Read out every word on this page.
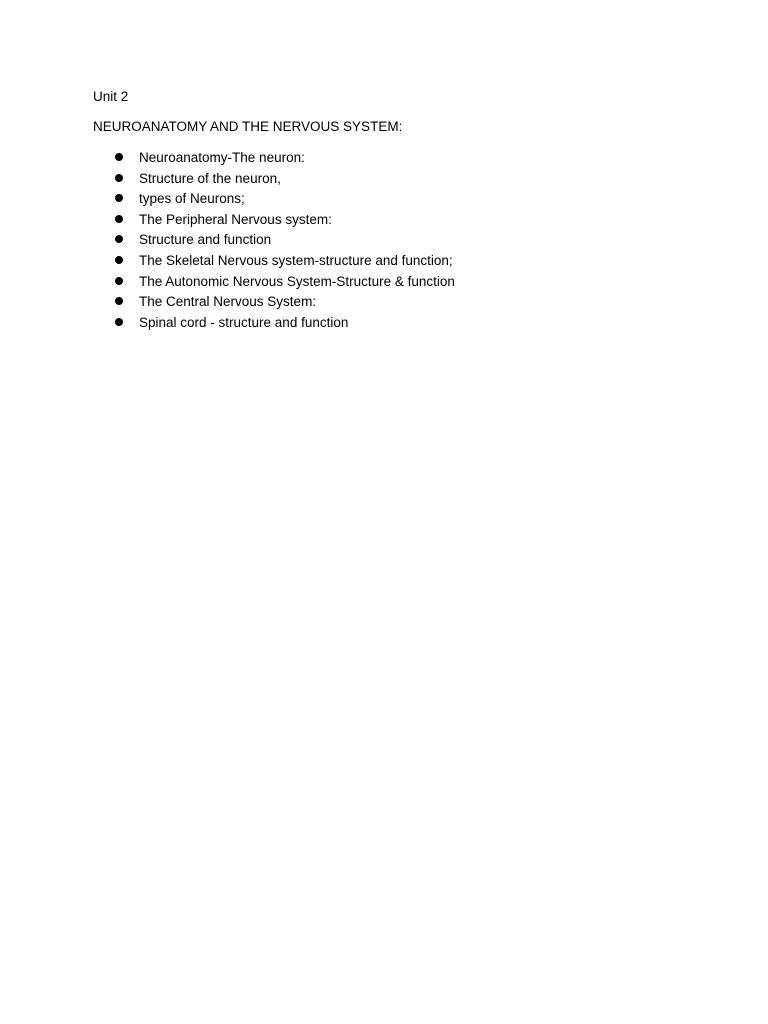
Unit 2

NEUROANATOMY AND THE NERVOUS SYSTEM:

Neuroanatomy-The neuron:
Structure of the neuron,
types of Neurons;
The Peripheral Nervous system:
Structure and function
The Skeletal Nervous system-structure and function;
The Autonomic Nervous System-Structure & function
The Central Nervous System:
Spinal cord - structure and function
